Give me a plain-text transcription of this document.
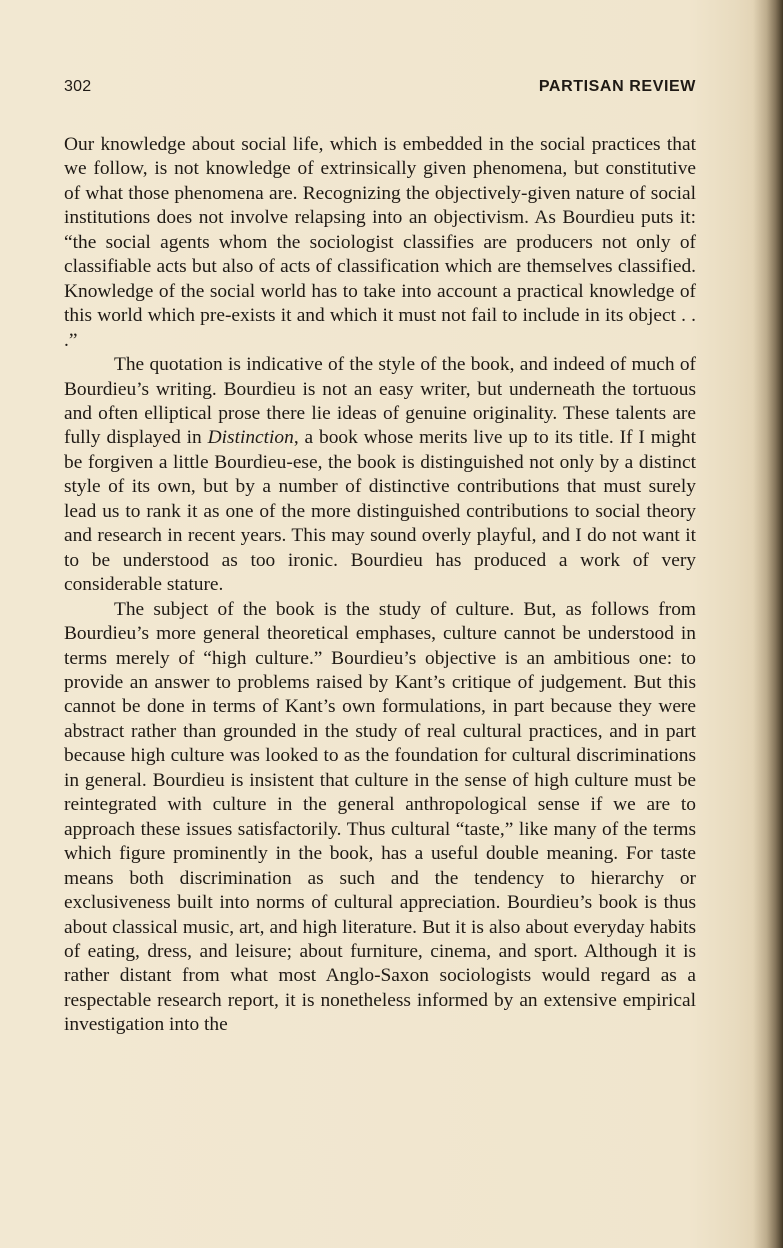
302	PARTISAN REVIEW

Our knowledge about social life, which is embedded in the social practices that we follow, is not knowledge of extrinsically given phenomena, but constitutive of what those phenomena are. Recognizing the objectively-given nature of social institutions does not involve relapsing into an objectivism. As Bourdieu puts it: “the social agents whom the sociologist classifies are producers not only of classifiable acts but also of acts of classification which are themselves classified. Knowledge of the social world has to take into account a practical knowledge of this world which pre-exists it and which it must not fail to include in its object . . .”

The quotation is indicative of the style of the book, and indeed of much of Bourdieu’s writing. Bourdieu is not an easy writer, but underneath the tortuous and often elliptical prose there lie ideas of genuine originality. These talents are fully displayed in Distinction, a book whose merits live up to its title. If I might be forgiven a little Bourdieu-ese, the book is distinguished not only by a distinct style of its own, but by a number of distinctive contributions that must surely lead us to rank it as one of the more distinguished contributions to social theory and research in recent years. This may sound overly playful, and I do not want it to be understood as too ironic. Bourdieu has produced a work of very considerable stature.

The subject of the book is the study of culture. But, as follows from Bourdieu’s more general theoretical emphases, culture cannot be understood in terms merely of “high culture.” Bourdieu’s objective is an ambitious one: to provide an answer to problems raised by Kant’s critique of judgement. But this cannot be done in terms of Kant’s own formulations, in part because they were abstract rather than grounded in the study of real cultural practices, and in part because high culture was looked to as the foundation for cultural discriminations in general. Bourdieu is insistent that culture in the sense of high culture must be reintegrated with culture in the general anthropological sense if we are to approach these issues satisfactorily. Thus cultural “taste,” like many of the terms which figure prominently in the book, has a useful double meaning. For taste means both discrimination as such and the tendency to hierarchy or exclusiveness built into norms of cultural appreciation. Bourdieu’s book is thus about classical music, art, and high literature. But it is also about everyday habits of eating, dress, and leisure; about furniture, cinema, and sport. Although it is rather distant from what most Anglo-Saxon sociologists would regard as a respectable research report, it is nonetheless informed by an extensive empirical investigation into the
